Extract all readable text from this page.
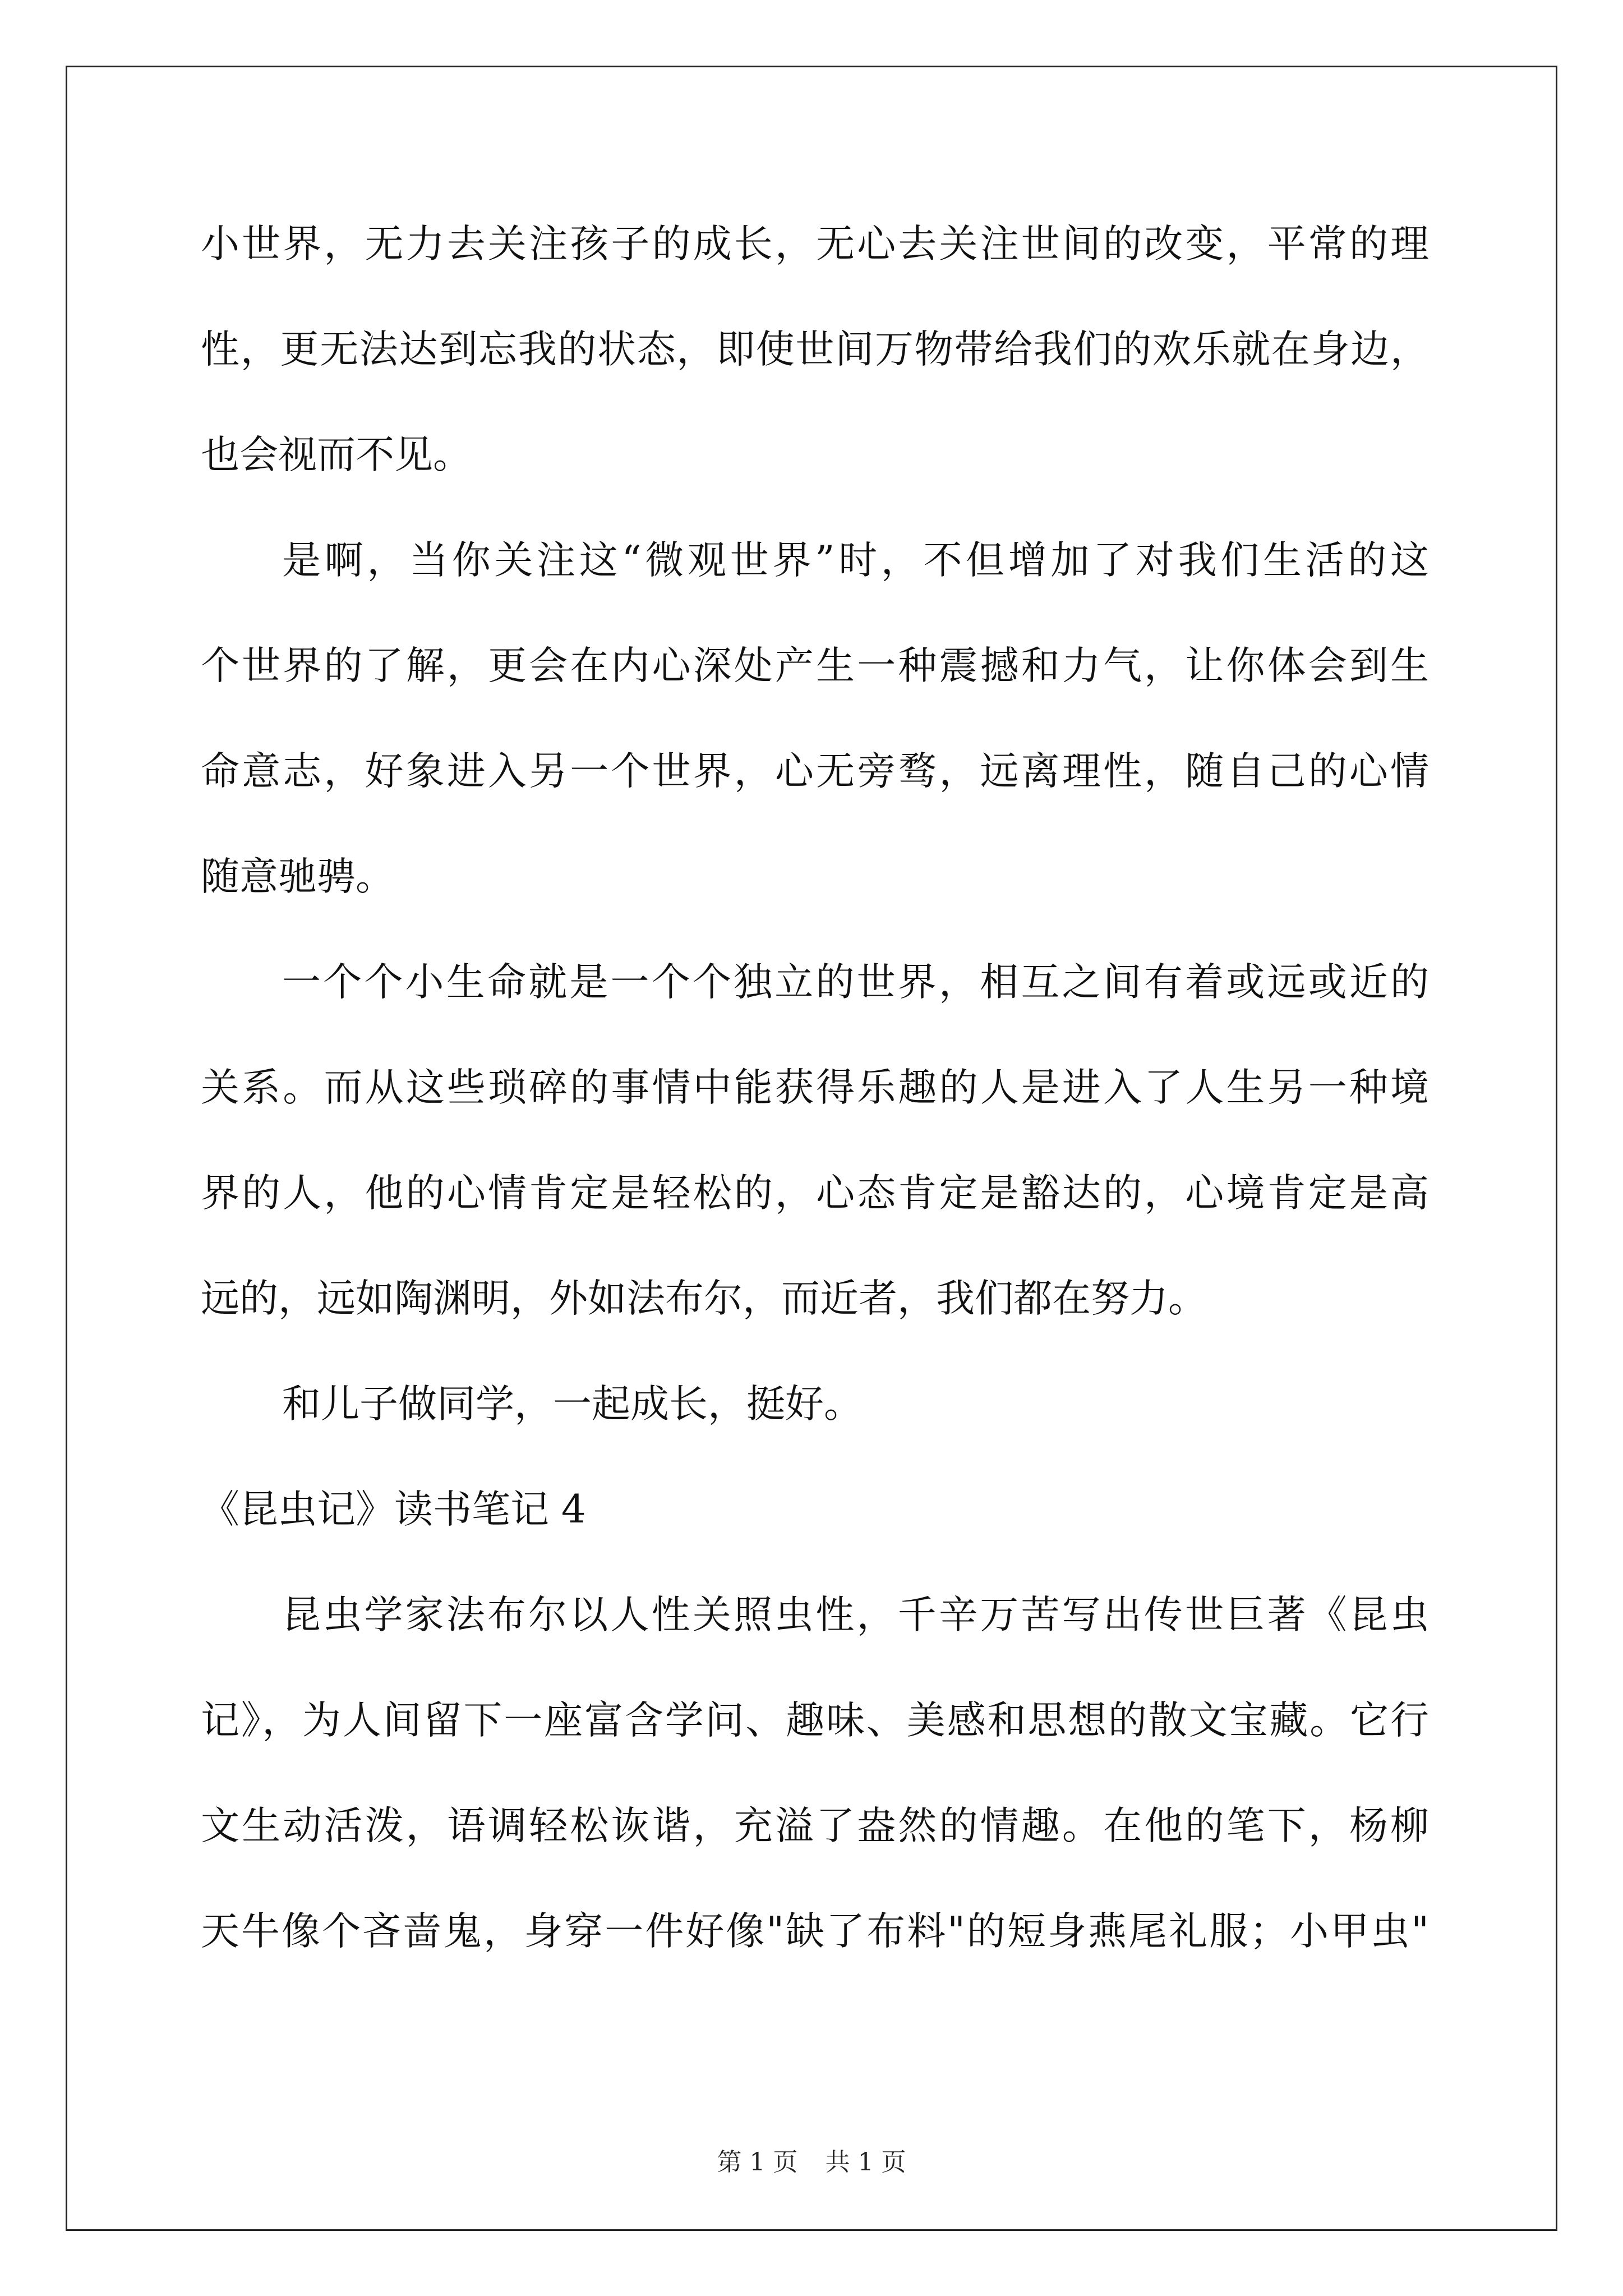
小世界，无力去关注孩子的成长，无心去关注世间的改变，平常的理
性，更无法达到忘我的状态，即使世间万物带给我们的欢乐就在身边，
也会视而不见。
是啊，当你关注这“微观世界”时，不但增加了对我们生活的这
个世界的了解，更会在内心深处产生一种震撼和力气，让你体会到生
命意志，好象进入另一个世界，心无旁骛，远离理性，随自己的心情
随意驰骋。
一个个小生命就是一个个独立的世界，相互之间有着或远或近的
关系。而从这些琐碎的事情中能获得乐趣的人是进入了人生另一种境
界的人，他的心情肯定是轻松的，心态肯定是豁达的，心境肯定是高
远的，远如陶渊明，外如法布尔，而近者，我们都在努力。
和儿子做同学，一起成长，挺好。
《昆虫记》读书笔记 4
昆虫学家法布尔以人性关照虫性，千辛万苦写出传世巨著《昆虫
记》，为人间留下一座富含学问、趣味、美感和思想的散文宝藏。它行
文生动活泼，语调轻松诙谐，充溢了盎然的情趣。在他的笔下，杨柳
天牛像个吝啬鬼，身穿一件好像"缺了布料"的短身燕尾礼服；小甲虫"
第 1 页 共 1 页
